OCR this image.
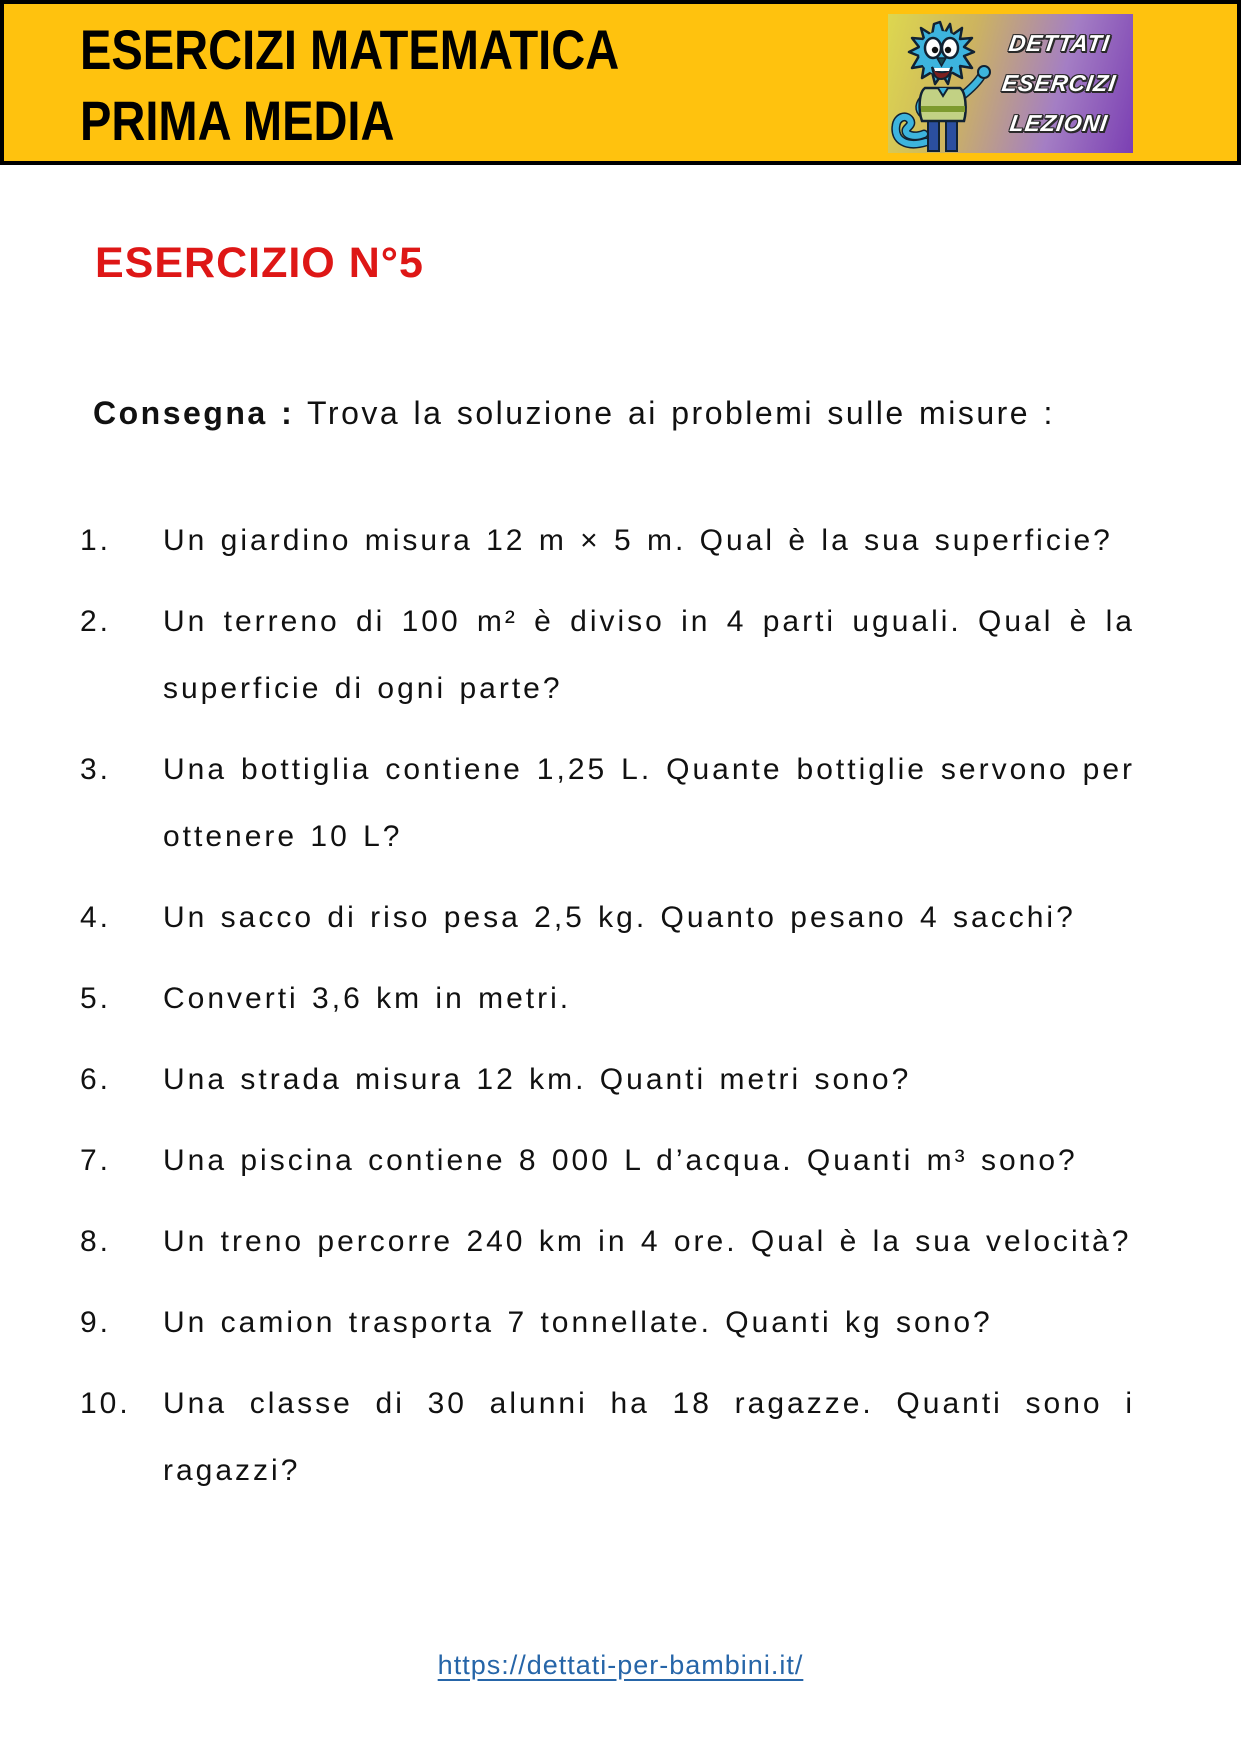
ESERCIZI MATEMATICA
PRIMA MEDIA
DETTATI
ESERCIZI
LEZIONI
ESERCIZIO N°5

Consegna : Trova la soluzione ai problemi sulle misure :

1.	Un giardino misura 12 m × 5 m. Qual è la sua superficie?
2.	Un terreno di 100 m² è diviso in 4 parti uguali. Qual è la superficie di ogni parte?
3.	Una bottiglia contiene 1,25 L. Quante bottiglie servono per ottenere 10 L?
4.	Un sacco di riso pesa 2,5 kg. Quanto pesano 4 sacchi?
5.	Converti 3,6 km in metri.
6.	Una strada misura 12 km. Quanti metri sono?
7.	Una piscina contiene 8 000 L d’acqua. Quanti m³ sono?
8.	Un treno percorre 240 km in 4 ore. Qual è la sua velocità?
9.	Un camion trasporta 7 tonnellate. Quanti kg sono?
10.	Una classe di 30 alunni ha 18 ragazze. Quanti sono i ragazzi?
https://dettati-per-bambini.it/
